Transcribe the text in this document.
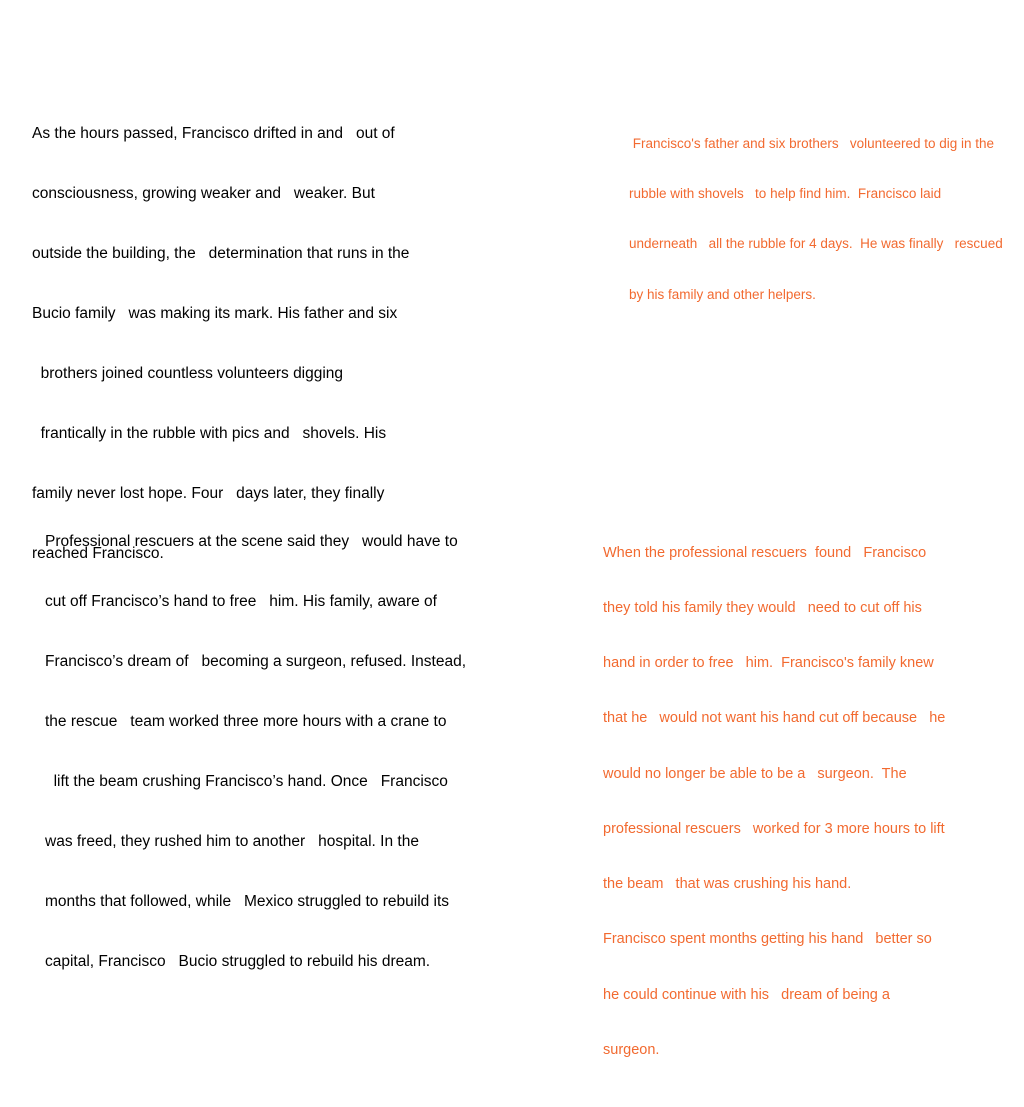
As the hours passed, Francisco drifted in and   out of

consciousness, growing weaker and   weaker. But

outside the building, the   determination that runs in the

Bucio family   was making its mark. His father and six

brothers joined countless volunteers digging

frantically in the rubble with pics and   shovels. His

family never lost hope. Four   days later, they finally

reached Francisco.

Francisco's father and six brothers   volunteered to dig in the

rubble with shovels   to help find him.  Francisco laid

underneath   all the rubble for 4 days.  He was finally   rescued

by his family and other helpers.

Professional rescuers at the scene said they   would have to

cut off Francisco’s hand to free   him. His family, aware of

Francisco’s dream of   becoming a surgeon, refused. Instead,

the rescue   team worked three more hours with a crane to

lift the beam crushing Francisco’s hand. Once   Francisco

was freed, they rushed him to another   hospital. In the

months that followed, while   Mexico struggled to rebuild its

capital, Francisco   Bucio struggled to rebuild his dream.

When the professional rescuers  found   Francisco

they told his family they would   need to cut off his

hand in order to free   him.  Francisco's family knew

that he   would not want his hand cut off because   he

would no longer be able to be a   surgeon.  The

professional rescuers   worked for 3 more hours to lift

the beam   that was crushing his hand.

Francisco spent months getting his hand   better so

he could continue with his   dream of being a

surgeon.
